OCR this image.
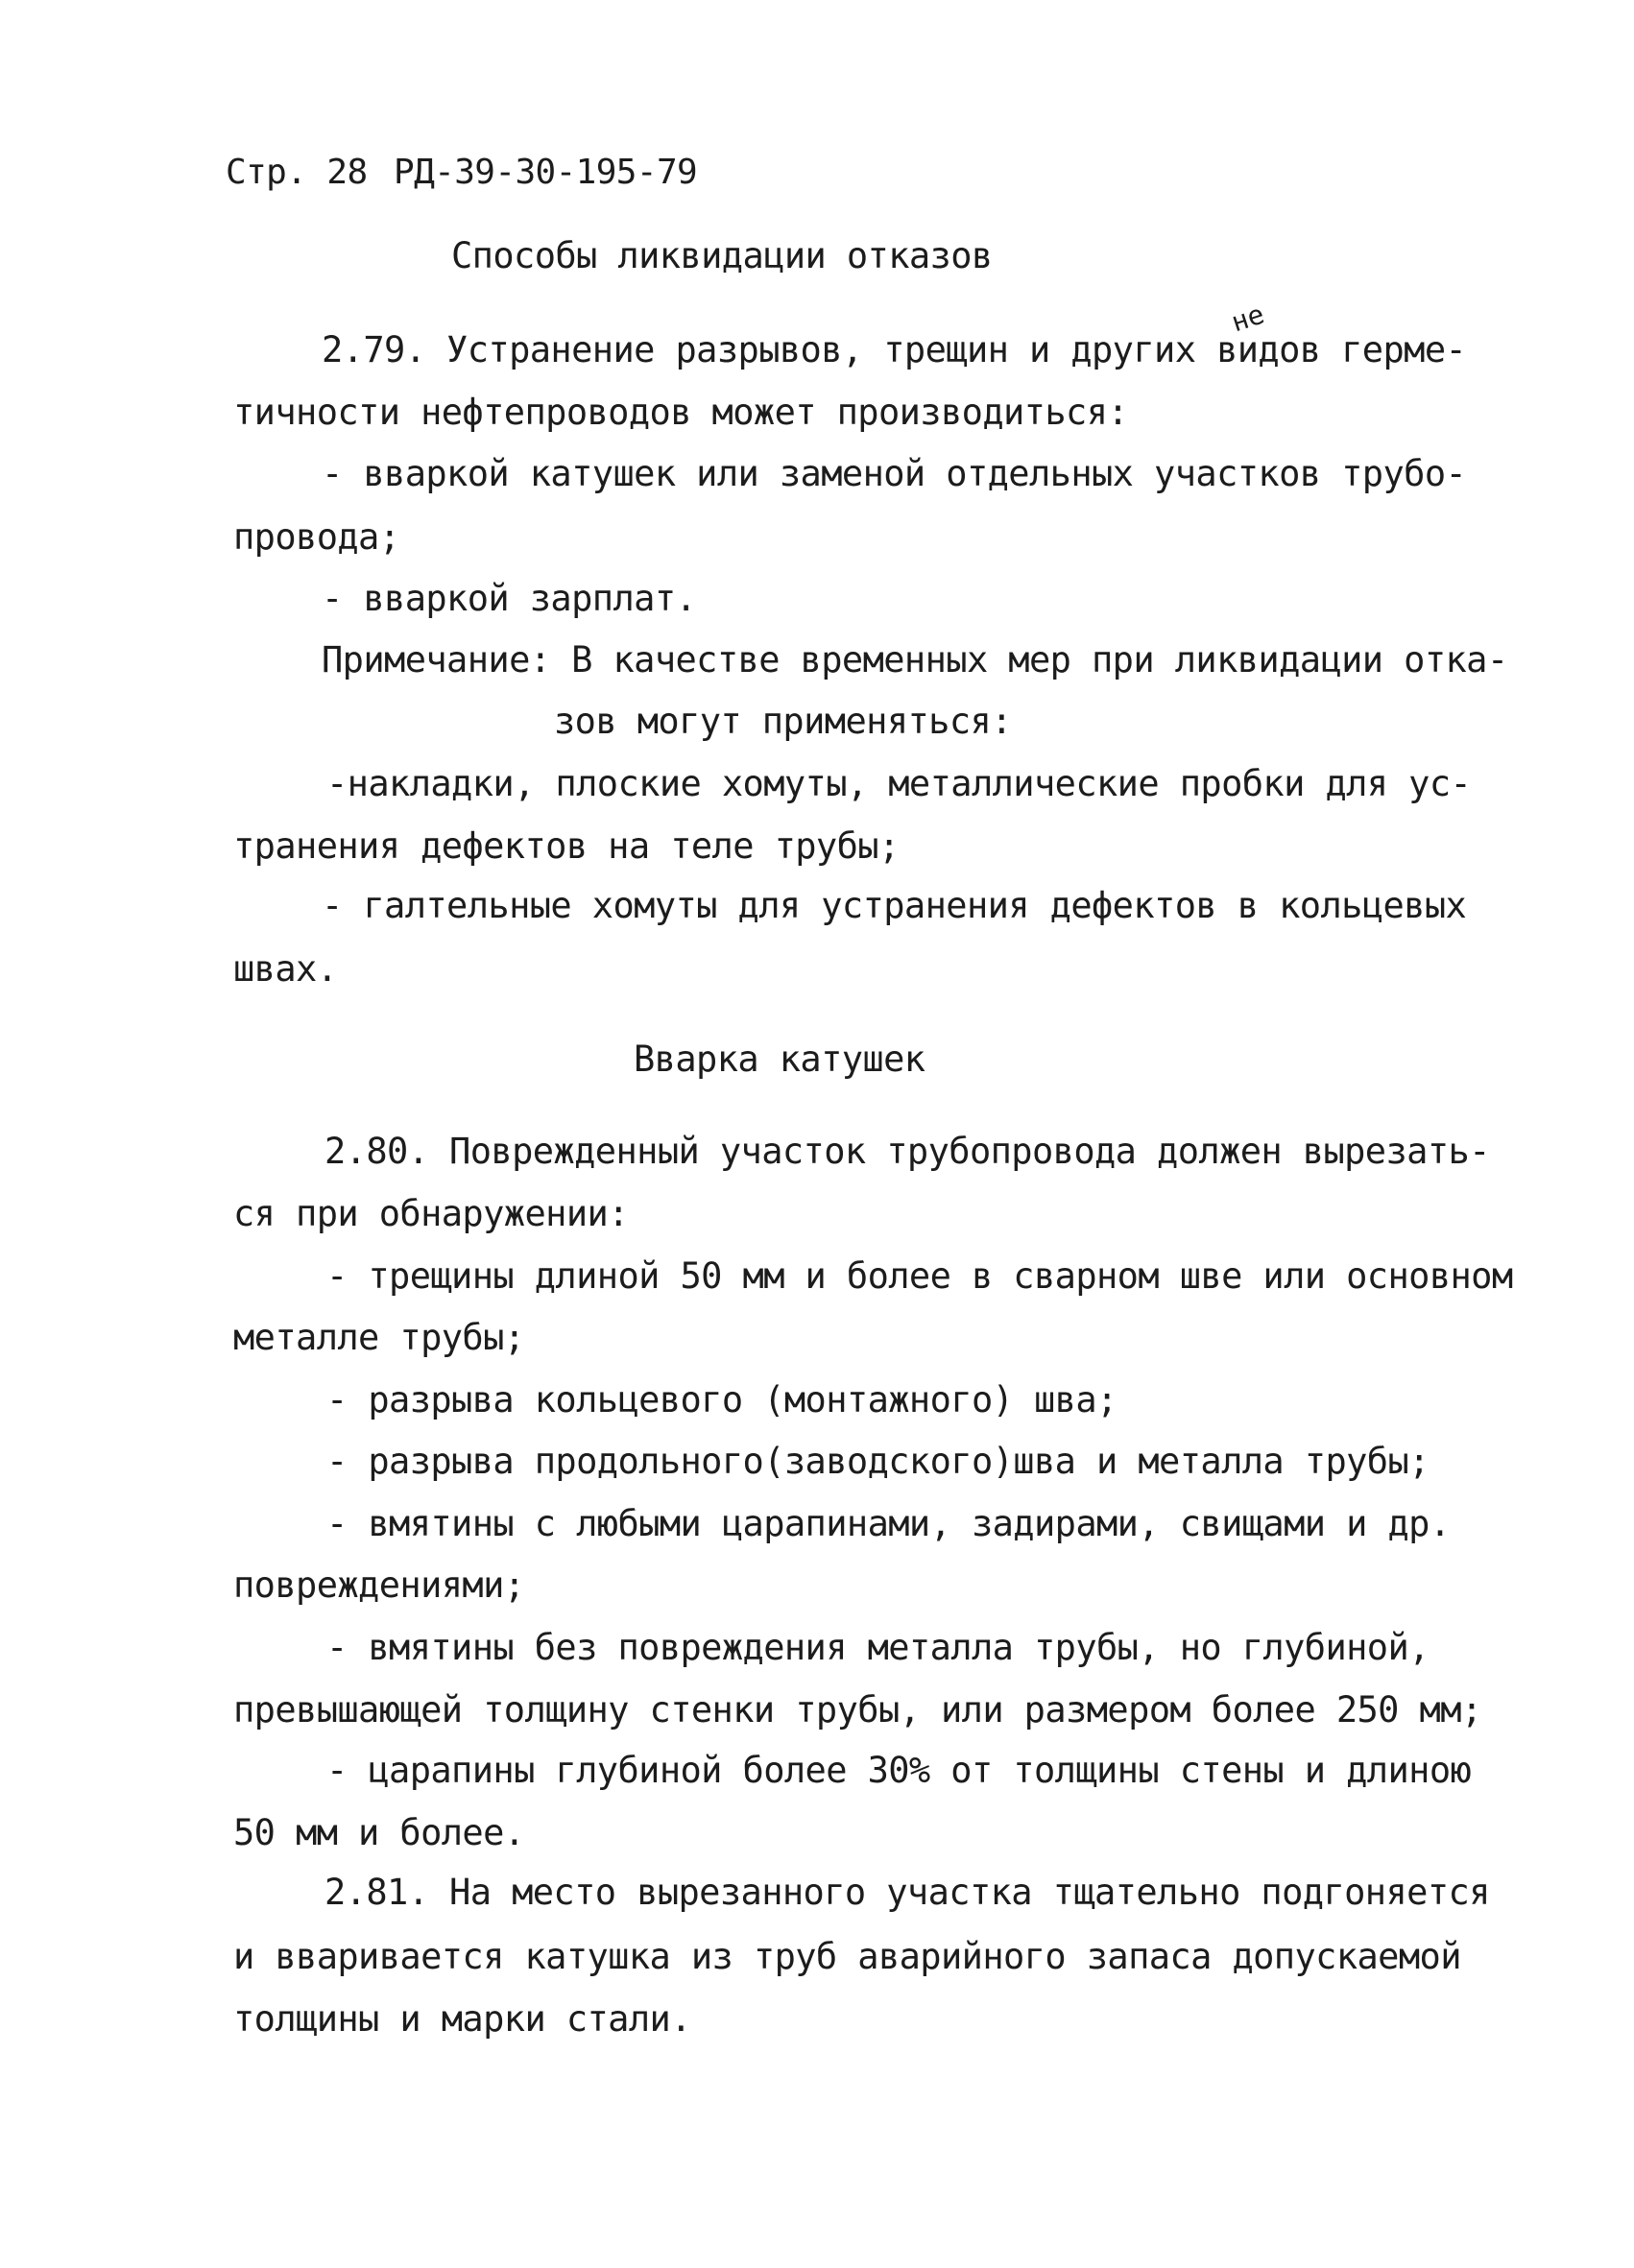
Стр. 28 РД-39-30-195-79
Способы ликвидации отказов
2.79. Устранение разрывов, трещин и других видов герме-
не
тичности нефтепроводов может производиться:
- вваркой катушек или заменой отдельных участков трубо-
провода;
- вваркой зарплат.
Примечание: В качестве временных мер при ликвидации отка-
зов могут применяться:
-накладки, плоские хомуты, металлические пробки для ус-
транения дефектов на теле трубы;
- галтельные хомуты для устранения дефектов в кольцевых
швах.
Вварка катушек
2.80. Поврежденный участок трубопровода должен вырезать-
ся при обнаружении:
- трещины длиной 50 мм и более в сварном шве или основном
металле трубы;
- разрыва кольцевого (монтажного) шва;
- разрыва продольного(заводского)шва и металла трубы;
- вмятины с любыми царапинами, задирами, свищами и др.
повреждениями;
- вмятины без повреждения металла трубы, но глубиной,
превышающей толщину стенки трубы, или размером более 250 мм;
- царапины глубиной более 30% от толщины стены и длиною
50 мм и более.
2.81. На место вырезанного участка тщательно подгоняется
и вваривается катушка из труб аварийного запаса допускаемой
толщины и марки стали.
